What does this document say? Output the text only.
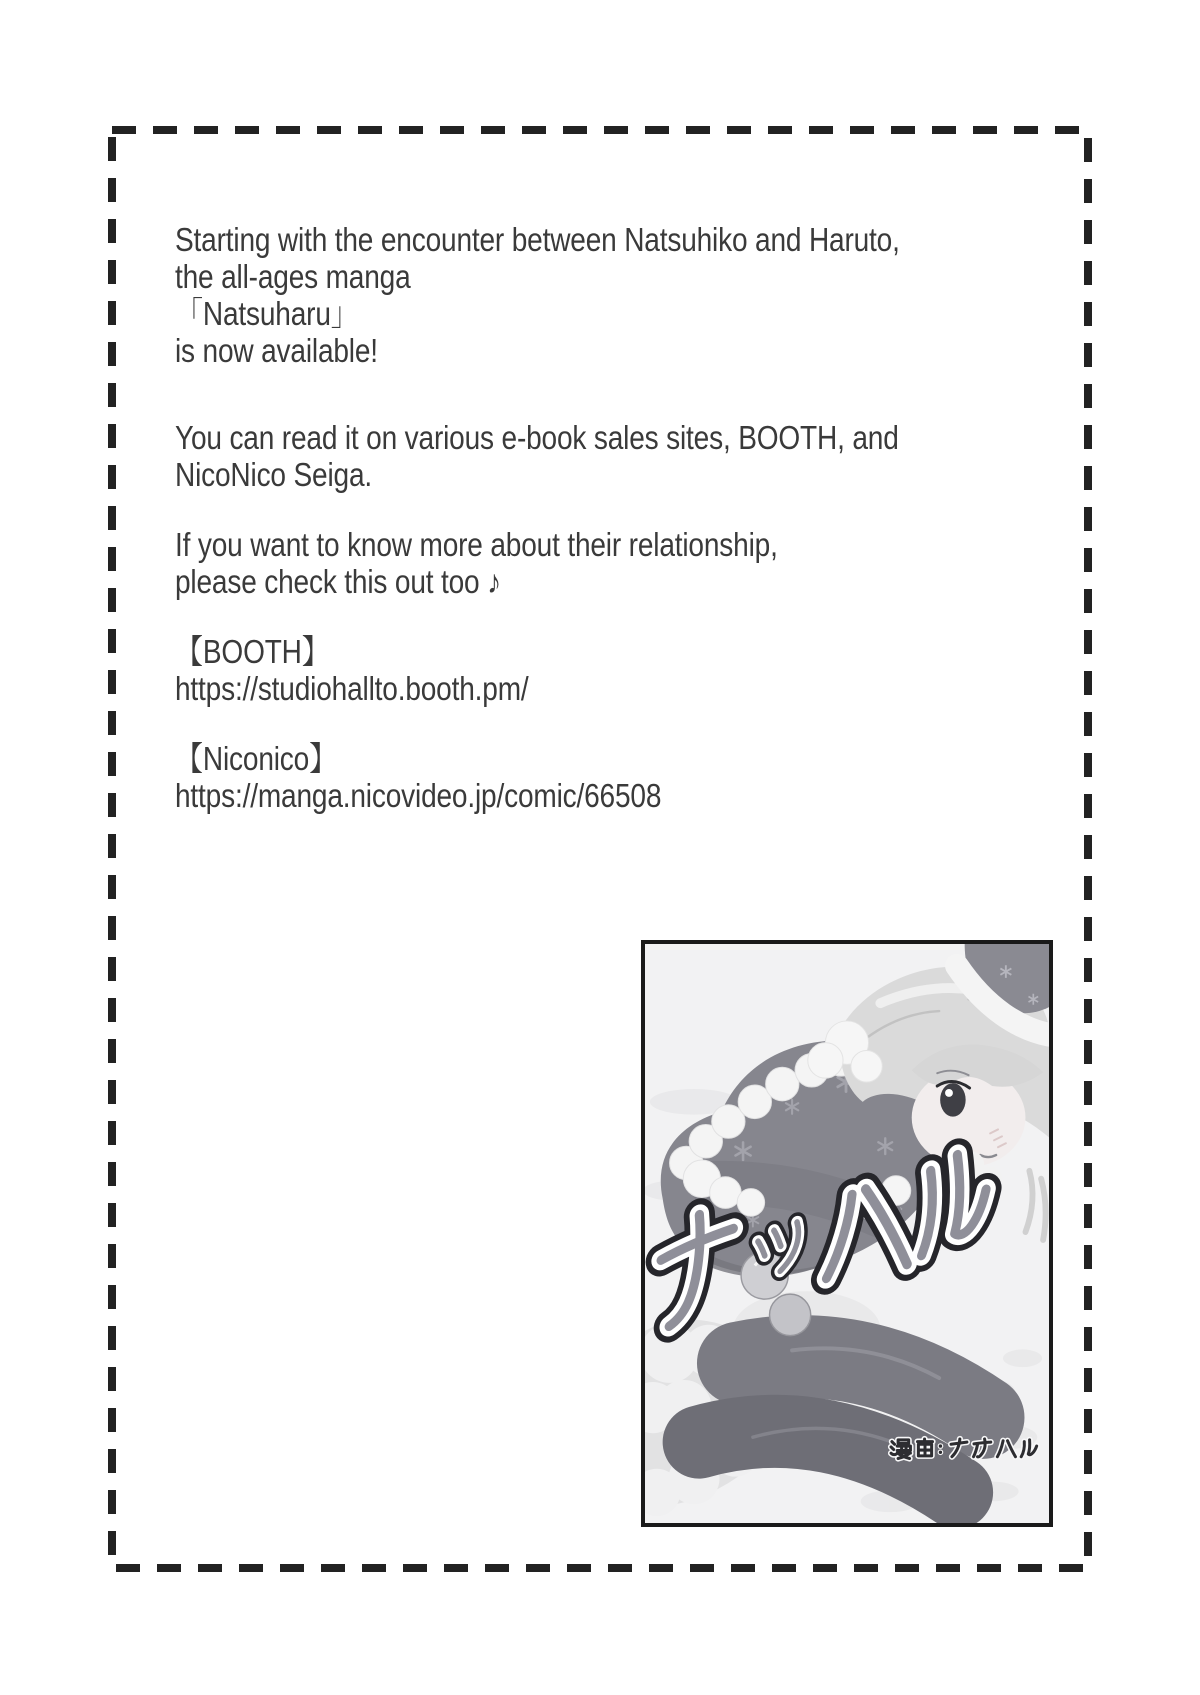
Starting with the encounter between Natsuhiko and Haruto,
the all-ages manga
「Natsuharu」
is now available!

You can read it on various e-book sales sites, BOOTH, and
NicoNico Seiga.

If you want to know more about their relationship,
please check this out too ♪

【BOOTH】
https://studiohallto.booth.pm/

【Niconico】
https://manga.nicovideo.jp/comic/66508
